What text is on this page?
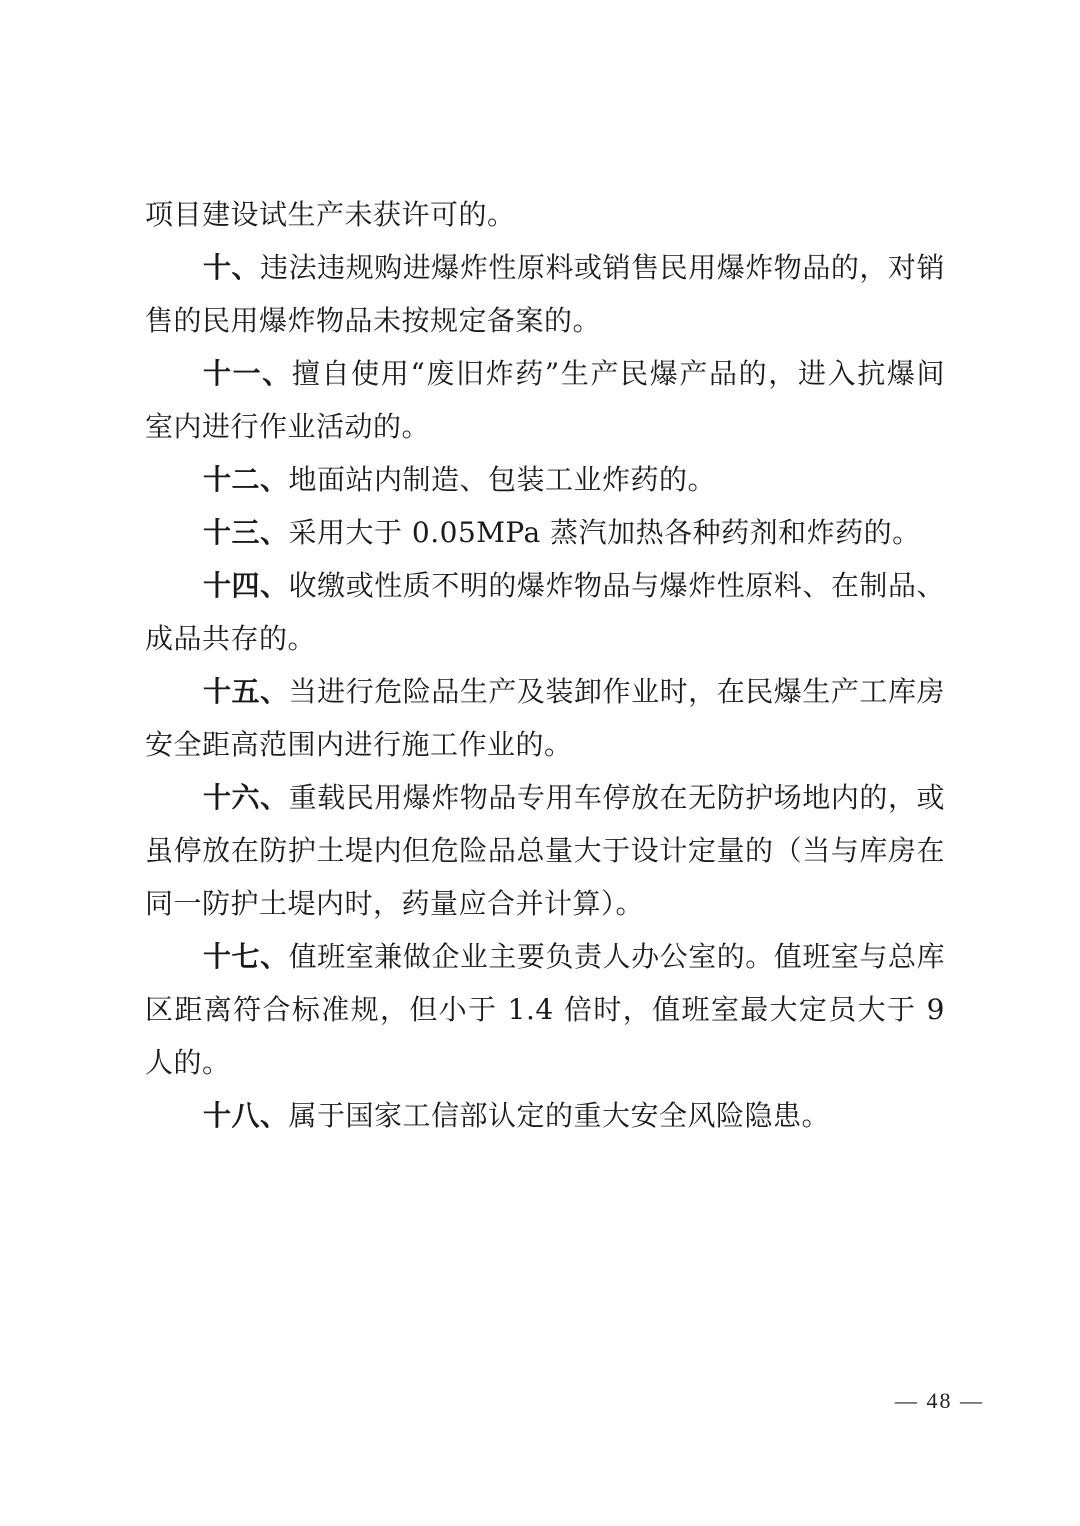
项目建设试生产未获许可的。

十、违法违规购进爆炸性原料或销售民用爆炸物品的，对销售的民用爆炸物品未按规定备案的。

十一、擅自使用“废旧炸药”生产民爆产品的，进入抗爆间室内进行作业活动的。

十二、地面站内制造、包装工业炸药的。

十三、采用大于 0.05MPa 蒸汽加热各种药剂和炸药的。

十四、收缴或性质不明的爆炸物品与爆炸性原料、在制品、成品共存的。

十五、当进行危险品生产及装卸作业时，在民爆生产工库房安全距高范围内进行施工作业的。

十六、重载民用爆炸物品专用车停放在无防护场地内的，或虽停放在防护土堤内但危险品总量大于设计定量的（当与库房在同一防护土堤内时，药量应合并计算）。

十七、值班室兼做企业主要负责人办公室的。值班室与总库区距离符合标准规，但小于 1.4 倍时，值班室最大定员大于 9 人的。

十八、属于国家工信部认定的重大安全风险隐患。

— 48 —
